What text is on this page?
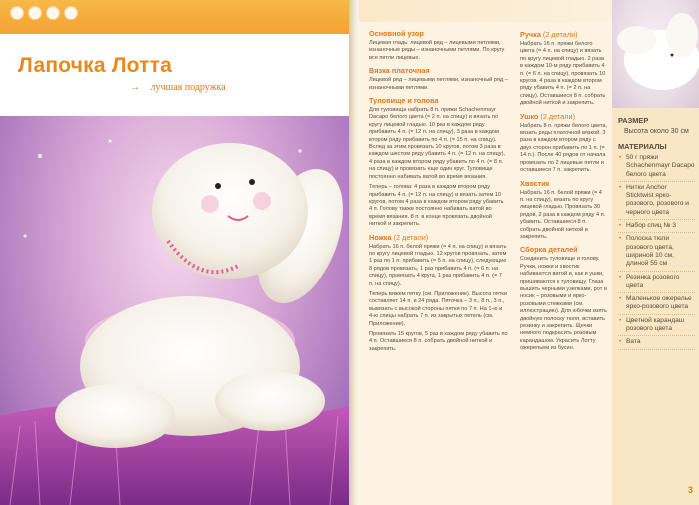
Лапочка Лотта
→ лучшая подружка
Основной узор
Лицевая гладь: лицевой ряд – лицевыми петлями, изнаночные ряды – изнаночными петлями. По кругу все петли лицевые.
Вязка платочная
Лицевой ряд – лицевыми петлями, изнаночный ряд – изнаночными петлями.
Туловище и голова
Для туловища набрать 8 п. пряжи Schachenmayr Dacapo белого цвета (= 2 п. на спицу) и вязать по кругу лицевой гладью. 10 раз в каждом ряду прибавить 4 п. (= 12 п. на спицу), 3 раза в каждом втором ряду прибавить по 4 п. (= 15 п. на спицу). Вслед за этим провязать 10 кругов, потом 3 раза в каждом шестом ряду убавить 4 п. (= 12 п. на спицу), 4 раза в каждом втором ряду убавить по 4 п. (= 8 п. на спицу) и провязать еще один круг. Туловище постоянно набивать ватой во время вязания.
Теперь – голова: 4 раза в каждом втором ряду прибавить 4 п. (= 12 п. на спицу) и вязать затем 10 кругов, потом 4 раза в каждом втором ряду убавить 4 п. Голову также постоянно набивать ватой во время вязания. 8 п. в конце провязать двойной ниткой и закрепить.
Ножка (2 детали)
Набрать 16 п. белой пряжи (= 4 п. на спицу) и вязать по кругу лицевой гладью. 12 кругов провязать, затем 1 раз по 1 п. прибавить (= 5 п. на спицу), следующие 8 рядов провязать, 1 раз прибавить 4 п. (= 6 п. на спицу), провязать 4 круга, 1 раз прибавить 4 п. (= 7 п. на спицу).
Теперь вяжем пятку (см. Приложение). Высота пятки составляет 14 п. и 24 ряда. Пяточка – 3 п., 8 п., 3 п., вывязать с высокой стороны пятки по 7 п. На 1-ю и 4-ю спицы набрать 7 п. из закрытых петель (см. Приложение).
Провязать 15 кругов, 5 раз в каждом ряду убавить по 4 п. Оставшиеся 8 п. собрать двойной ниткой и закрепить.
Ручка (2 детали)
Набрать 16 п. пряжи белого цвета (= 4 п. на спицу) и вязать по кругу лицевой гладью. 2 раза в каждом 10-м ряду прибавить 4 п. (= 6 п. на спицу), провязать 10 кругов, 4 раза в каждом втором ряду убавить 4 п. (= 2 п. на спицу). Оставшиеся 8 п. собрать двойной ниткой и закрепить.
Ушко (2 детали)
Набрать 8 п. пряжи белого цвета, вязать ряды платочной вязкой. 3 раза в каждом втором ряду с двух сторон прибавить по 1 п. (= 14 п.). После 40 рядов от начала провязать по 2 лицевые петли и оставшиеся 7 п. закрепить.
Хвостик
Набрать 16 п. белой пряжи (= 4 п. на спицу), вязать по кругу лицевой гладью. Провязать 30 рядов, 2 раза в каждом ряду 4 п. убавить. Оставшиеся 8 п. собрать двойной ниткой и закрепить.
Сборка деталей
Соединить туловище и голову. Ручки, ножки и хвостик набиваются ватой и, как и ушки, пришиваются к туловищу. Глаза вышить черными узелками, рот и носик – розовыми и ярко-розовыми стежками (см. иллюстрацию). Для юбочки взять двойную полоску тюля, вставить резинку и закрепить. Щечки немного подкрасить розовым карандашом. Украсить Лотту ожерельем из бусин.
РАЗМЕР
Высота около 30 см
МАТЕРИАЛЫ
• 50 г пряжи Schachenmayr Dacapo белого цвета
• Нитки Anchor Sticktwist ярко-розового, розового и черного цвета
• Набор спиц № 3
• Полоска тюли розового цвета, шириной 10 см, длиной 55 см
• Резинка розового цвета
• Маленькое ожерелье ярко-розового цвета
• Цветной карандаш розового цвета
• Вата
3
